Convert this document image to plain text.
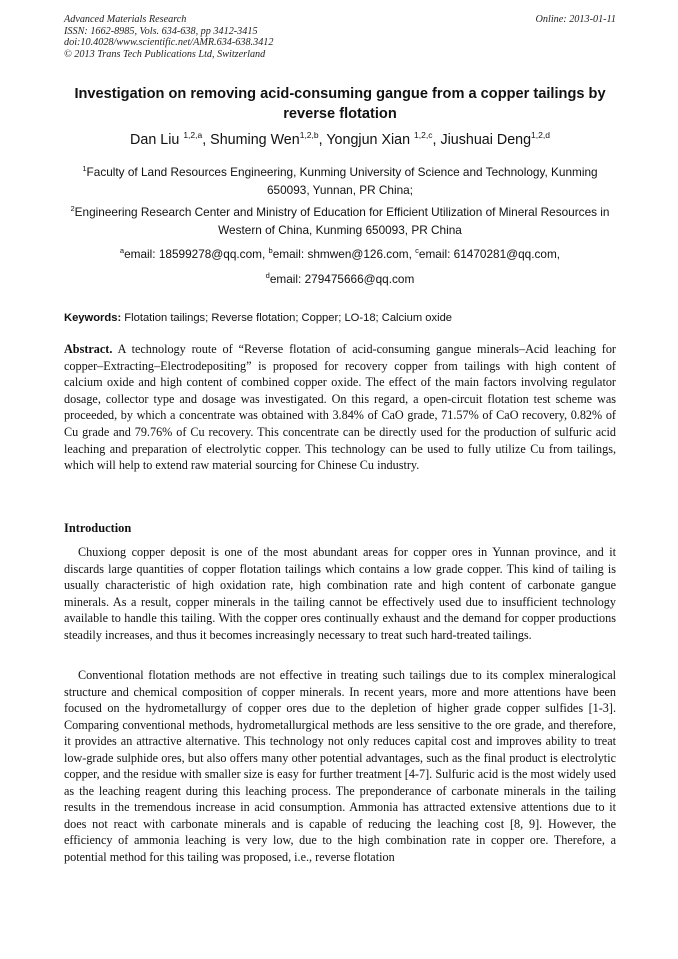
Advanced Materials Research
ISSN: 1662-8985, Vols. 634-638, pp 3412-3415
doi:10.4028/www.scientific.net/AMR.634-638.3412
© 2013 Trans Tech Publications Ltd, Switzerland
Online: 2013-01-11
Investigation on removing acid-consuming gangue from a copper tailings by reverse flotation
Dan Liu $^{1,2,a}$, Shuming Wen$^{1,2,b}$, Yongjun Xian $^{1,2,c}$, Jiushuai Deng$^{1,2,d}$
$^1$Faculty of Land Resources Engineering, Kunming University of Science and Technology, Kunming 650093, Yunnan, PR China;
$^2$Engineering Research Center and Ministry of Education for Efficient Utilization of Mineral Resources in Western of China, Kunming 650093, PR China
$^a$email: 18599278@qq.com, $^b$email: shmwen@126.com, $^c$email: 61470281@qq.com,
$^d$email: 279475666@qq.com
Keywords: Flotation tailings; Reverse flotation; Copper; LO-18; Calcium oxide
Abstract. A technology route of “Reverse flotation of acid-consuming gangue minerals–Acid leaching for copper–Extracting–Electrodepositing” is proposed for recovery copper from tailings with high content of calcium oxide and high content of combined copper oxide. The effect of the main factors involving regulator dosage, collector type and dosage was investigated. On this regard, a open-circuit flotation test scheme was proceeded, by which a concentrate was obtained with 3.84% of CaO grade, 71.57% of CaO recovery, 0.82% of Cu grade and 79.76% of Cu recovery. This concentrate can be directly used for the production of sulfuric acid leaching and preparation of electrolytic copper. This technology can be used to fully utilize Cu from tailings, which will help to extend raw material sourcing for Chinese Cu industry.
Introduction
Chuxiong copper deposit is one of the most abundant areas for copper ores in Yunnan province, and it discards large quantities of copper flotation tailings which contains a low grade copper. This kind of tailing is usually characteristic of high oxidation rate, high combination rate and high content of carbonate gangue minerals. As a result, copper minerals in the tailing cannot be effectively used due to insufficient technology available to handle this tailing. With the copper ores continually exhaust and the demand for copper productions steadily increases, and thus it becomes increasingly necessary to treat such hard-treated tailings.
Conventional flotation methods are not effective in treating such tailings due to its complex mineralogical structure and chemical composition of copper minerals. In recent years, more and more attentions have been focused on the hydrometallurgy of copper ores due to the depletion of higher grade copper sulfides [1-3]. Comparing conventional methods, hydrometallurgical methods are less sensitive to the ore grade, and therefore, it provides an attractive alternative. This technology not only reduces capital cost and improves ability to treat low-grade sulphide ores, but also offers many other potential advantages, such as the final product is electrolytic copper, and the residue with smaller size is easy for further treatment [4-7]. Sulfuric acid is the most widely used as the leaching reagent during this leaching process. The preponderance of carbonate minerals in the tailing results in the tremendous increase in acid consumption. Ammonia has attracted extensive attentions due to it does not react with carbonate minerals and is capable of reducing the leaching cost [8, 9]. However, the efficiency of ammonia leaching is very low, due to the high combination rate in copper ore. Therefore, a potential method for this tailing was proposed, i.e., reverse flotation
